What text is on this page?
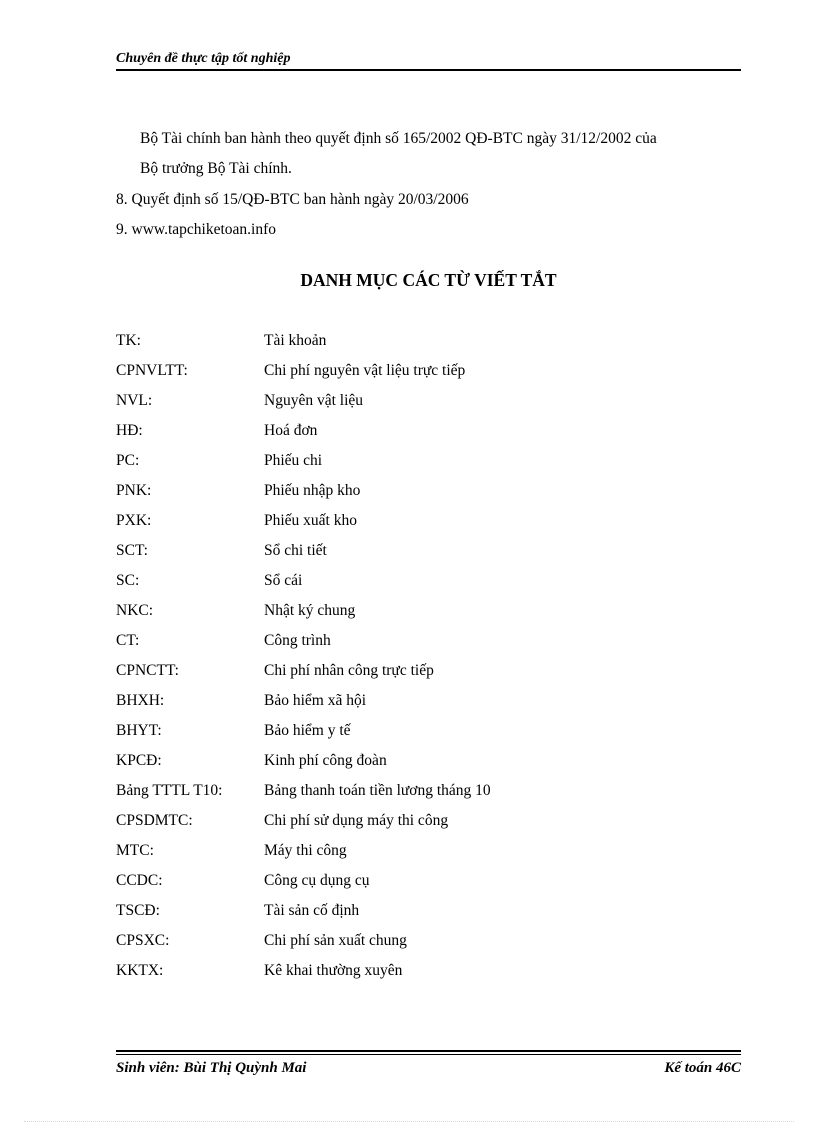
Chuyên đề thực tập tốt nghiệp
Bộ Tài chính ban hành theo quyết định số 165/2002 QĐ-BTC ngày 31/12/2002 của
Bộ trưởng Bộ Tài chính.
8. Quyết định số 15/QĐ-BTC ban hành ngày 20/03/2006
9. www.tapchiketoan.info
DANH MỤC CÁC TỪ VIẾT TẮT
TK:	Tài khoản
CPNVLTT:	Chi phí nguyên vật liệu trực tiếp
NVL:	Nguyên vật liệu
HĐ:	Hoá đơn
PC:	Phiếu chi
PNK:	Phiếu nhập kho
PXK:	Phiếu xuất kho
SCT:	Sổ chi tiết
SC:	Sổ cái
NKC:	Nhật ký chung
CT:	Công trình
CPNCTT:	Chi phí nhân công trực tiếp
BHXH:	Bảo hiểm xã hội
BHYT:	Bảo hiểm y tế
KPCĐ:	Kinh phí công đoàn
Bảng TTTL T10:	Bảng thanh toán tiền lương tháng 10
CPSDMTC:	Chi phí sử dụng máy thi công
MTC:	Máy thi công
CCDC:	Công cụ dụng cụ
TSCĐ:	Tài sản cố định
CPSXC:	Chi phí sản xuất chung
KKTX:	Kê khai thường xuyên
Sinh viên: Bùi Thị Quỳnh Mai	Kế toán 46C
